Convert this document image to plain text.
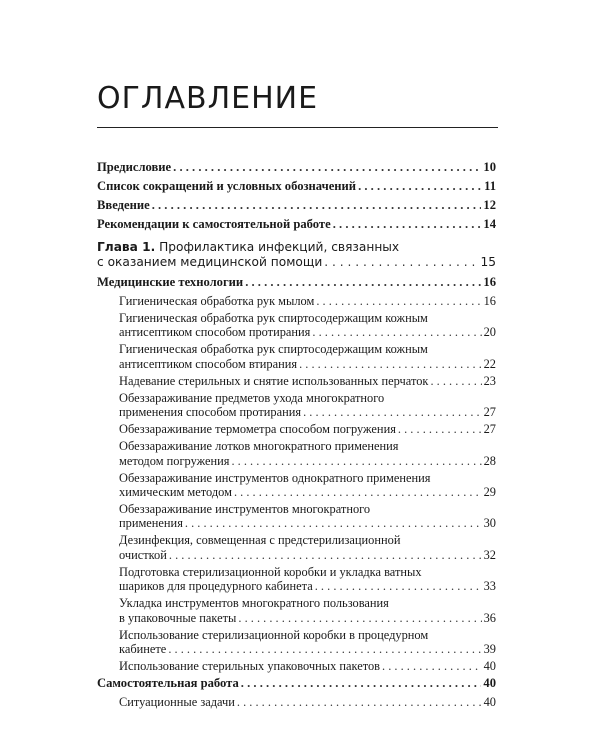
ОГЛАВЛЕНИЕ
Предисловие . . .	10
Список сокращений и условных обозначений . . .	11
Введение . . .	12
Рекомендации к самостоятельной работе . . .	14
Глава 1. Профилактика инфекций, связанных
с оказанием медицинской помощи . . .	15
Медицинские технологии . . .	16
Гигиеническая обработка рук мылом . . .	16
Гигиеническая обработка рук спиртосодержащим кожным
антисептиком способом протирания . . .	20
Гигиеническая обработка рук спиртосодержащим кожным
антисептиком способом втирания . . .	22
Надевание стерильных и снятие использованных перчаток . . .	23
Обеззараживание предметов ухода многократного
применения способом протирания . . .	27
Обеззараживание термометра способом погружения . . .	27
Обеззараживание лотков многократного применения
методом погружения . . .	28
Обеззараживание инструментов однократного применения
химическим методом . . .	29
Обеззараживание инструментов многократного
применения . . .	30
Дезинфекция, совмещенная с предстерилизационной
очисткой . . .	32
Подготовка стерилизационной коробки и укладка ватных
шариков для процедурного кабинета . . .	33
Укладка инструментов многократного пользования
в упаковочные пакеты . . .	36
Использование стерилизационной коробки в процедурном
кабинете . . .	39
Использование стерильных упаковочных пакетов . . .	40
Самостоятельная работа . . .	40
Ситуационные задачи . . .	40
